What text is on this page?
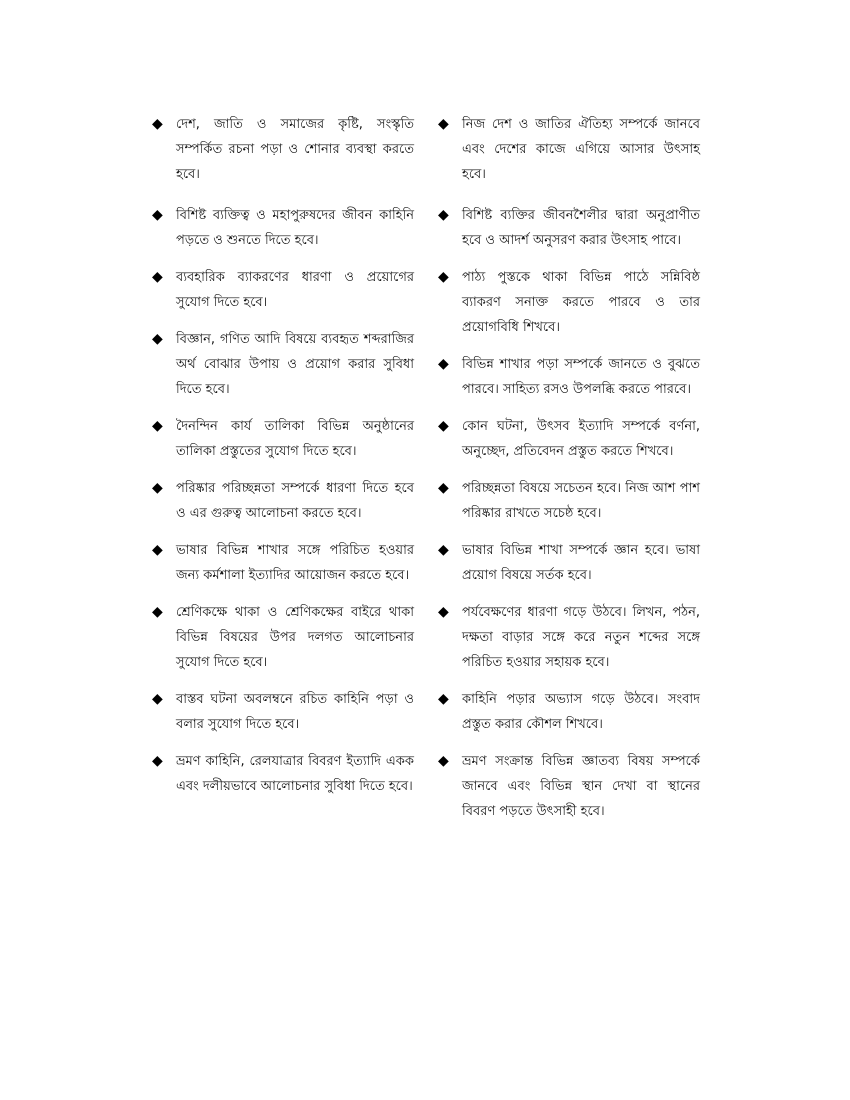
◆ দেশ, জাতি ও সমাজের কৃষ্টি, সংস্কৃতি সম্পর্কিত রচনা পড়া ও শোনার ব্যবস্থা করতে হবে।
◆ বিশিষ্ট ব্যক্তিত্ব ও মহাপুরুষদের জীবন কাহিনি পড়তে ও শুনতে দিতে হবে।
◆ ব্যবহারিক ব্যাকরণের ধারণা ও প্রয়োগের সুযোগ দিতে হবে।
◆ বিজ্ঞান, গণিত আদি বিষয়ে ব্যবহৃত শব্দরাজির অর্থ বোঝার উপায় ও প্রয়োগ করার সুবিধা দিতে হবে।
◆ দৈনন্দিন কার্য তালিকা বিভিন্ন অনুষ্ঠানের তালিকা প্রস্তুতের সুযোগ দিতে হবে।
◆ পরিষ্কার পরিচ্ছন্নতা সম্পর্কে ধারণা দিতে হবে ও এর গুরুত্ব আলোচনা করতে হবে।
◆ ভাষার বিভিন্ন শাখার সঙ্গে পরিচিত হওয়ার জন্য কর্মশালা ইত্যাদির আয়োজন করতে হবে।
◆ শ্রেণিকক্ষে থাকা ও শ্রেণিকক্ষের বাইরে থাকা বিভিন্ন বিষয়ের উপর দলগত আলোচনার সুযোগ দিতে হবে।
◆ বাস্তব ঘটনা অবলম্বনে রচিত কাহিনি পড়া ও বলার সুযোগ দিতে হবে।
◆ ভ্রমণ কাহিনি, রেলযাত্রার বিবরণ ইত্যাদি একক এবং দলীয়ভাবে আলোচনার সুবিধা দিতে হবে।
◆ নিজ দেশ ও জাতির ঐতিহ্য সম্পর্কে জানবে এবং দেশের কাজে এগিয়ে আসার উৎসাহ হবে।
◆ বিশিষ্ট ব্যক্তির জীবনশৈলীর দ্বারা অনুপ্রাণীত হবে ও আদর্শ অনুসরণ করার উৎসাহ পাবে।
◆ পাঠ্য পুস্তকে থাকা বিভিন্ন পাঠে সন্নিবিষ্ঠ ব্যাকরণ সনাক্ত করতে পারবে ও তার প্রয়োগবিধি শিখবে।
◆ বিভিন্ন শাখার পড়া সম্পর্কে জানতে ও বুঝতে পারবে। সাহিত্য রসও উপলব্ধি করতে পারবে।
◆ কোন ঘটনা, উৎসব ইত্যাদি সম্পর্কে বর্ণনা, অনুচ্ছেদ, প্রতিবেদন প্রস্তুত করতে শিখবে।
◆ পরিচ্ছন্নতা বিষয়ে সচেতন হবে। নিজ আশ পাশ পরিষ্কার রাখতে সচেষ্ঠ হবে।
◆ ভাষার বিভিন্ন শাখা সম্পর্কে জ্ঞান হবে। ভাষা প্রয়োগ বিষয়ে সর্তক হবে।
◆ পর্যবেক্ষণের ধারণা গড়ে উঠবে। লিখন, পঠন, দক্ষতা বাড়ার সঙ্গে করে নতুন শব্দের সঙ্গে পরিচিত হওয়ার সহায়ক হবে।
◆ কাহিনি পড়ার অভ্যাস গড়ে উঠবে। সংবাদ প্রস্তুত করার কৌশল শিখবে।
◆ ভ্রমণ সংক্রান্ত বিভিন্ন জ্ঞাতব্য বিষয় সম্পর্কে জানবে এবং বিভিন্ন স্থান দেখা বা স্থানের বিবরণ পড়তে উৎসাহী হবে।
